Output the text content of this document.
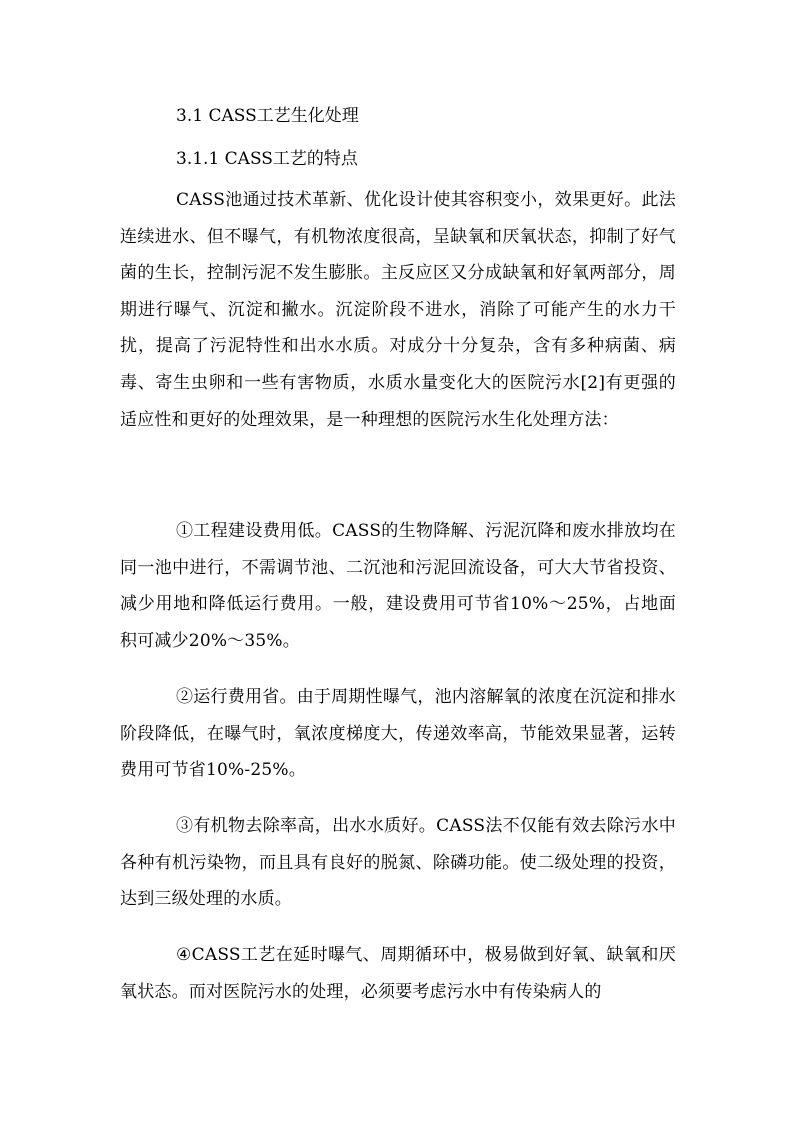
3.1 CASS工艺生化处理
3.1.1 CASS工艺的特点

CASS池通过技术革新、优化设计使其容积变小，效果更好。此法连续进水、但不曝气，有机物浓度很高，呈缺氧和厌氧状态，抑制了好气菌的生长，控制污泥不发生膨胀。主反应区又分成缺氧和好氧两部分，周期进行曝气、沉淀和撇水。沉淀阶段不进水，消除了可能产生的水力干扰，提高了污泥特性和出水水质。对成分十分复杂，含有多种病菌、病毒、寄生虫卵和一些有害物质，水质水量变化大的医院污水[2]有更强的适应性和更好的处理效果，是一种理想的医院污水生化处理方法：

①工程建设费用低。CASS的生物降解、污泥沉降和废水排放均在同一池中进行，不需调节池、二沉池和污泥回流设备，可大大节省投资、减少用地和降低运行费用。一般，建设费用可节省10%～25%，占地面积可减少20%～35%。

②运行费用省。由于周期性曝气，池内溶解氧的浓度在沉淀和排水阶段降低，在曝气时，氧浓度梯度大，传递效率高，节能效果显著，运转费用可节省10%-25%。

③有机物去除率高，出水水质好。CASS法不仅能有效去除污水中各种有机污染物，而且具有良好的脱氮、除磷功能。使二级处理的投资，达到三级处理的水质。

④CASS工艺在延时曝气、周期循环中，极易做到好氧、缺氧和厌氧状态。而对医院污水的处理，必须要考虑污水中有传染病人的
